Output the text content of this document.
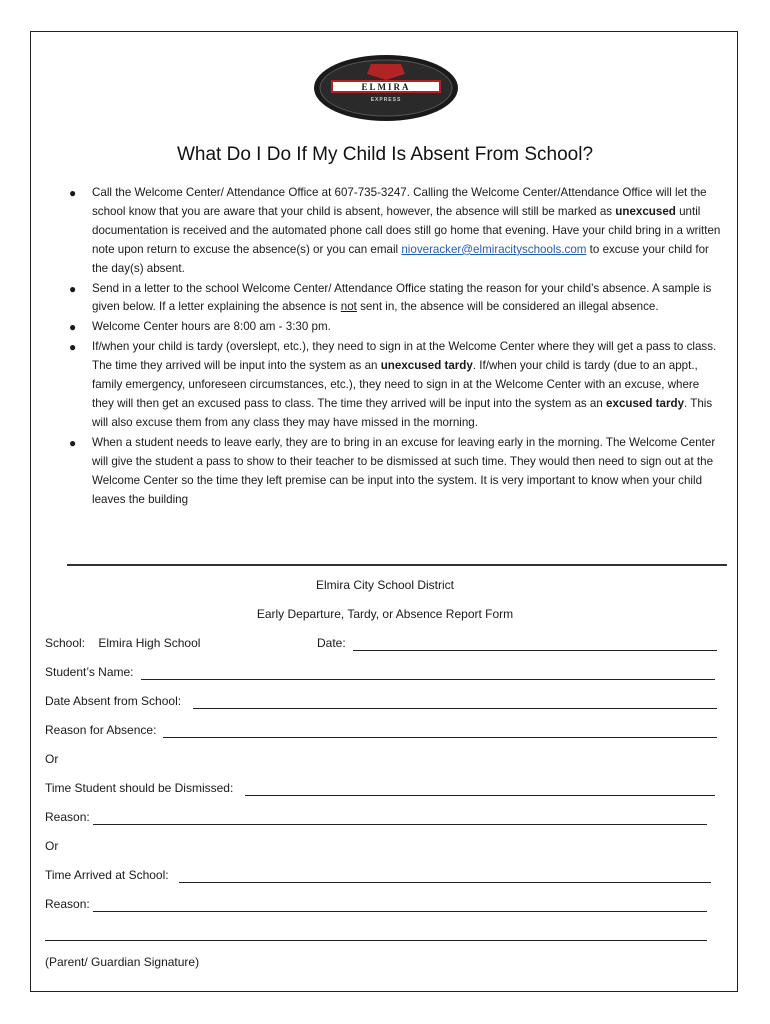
ELMIRA
EXPRESS
What Do I Do If My Child Is Absent From School?
● Call the Welcome Center/ Attendance Office at 607-735-3247. Calling the Welcome Center/Attendance Office will let the school know that you are aware that your child is absent, however, the absence will still be marked as unexcused until documentation is received and the automated phone call does still go home that evening. Have your child bring in a written note upon return to excuse the absence(s) or you can email nioveracker@elmiracityschools.com to excuse your child for the day(s) absent.
● Send in a letter to the school Welcome Center/ Attendance Office stating the reason for your child’s absence. A sample is given below. If a letter explaining the absence is not sent in, the absence will be considered an illegal absence.
● Welcome Center hours are 8:00 am - 3:30 pm.
● If/when your child is tardy (overslept, etc.), they need to sign in at the Welcome Center where they will get a pass to class. The time they arrived will be input into the system as an unexcused tardy. If/when your child is tardy (due to an appt., family emergency, unforeseen circumstances, etc.), they need to sign in at the Welcome Center with an excuse, where they will then get an excused pass to class. The time they arrived will be input into the system as an excused tardy. This will also excuse them from any class they may have missed in the morning.
● When a student needs to leave early, they are to bring in an excuse for leaving early in the morning. The Welcome Center will give the student a pass to show to their teacher to be dismissed at such time. They would then need to sign out at the Welcome Center so the time they left premise can be input into the system. It is very important to know when your child leaves the building
Elmira City School District
Early Departure, Tardy, or Absence Report Form
School: Elmira High School	Date:
Student’s Name:
Date Absent from School:
Reason for Absence:
Or
Time Student should be Dismissed:
Reason:
Or
Time Arrived at School:
Reason:
(Parent/ Guardian Signature)
